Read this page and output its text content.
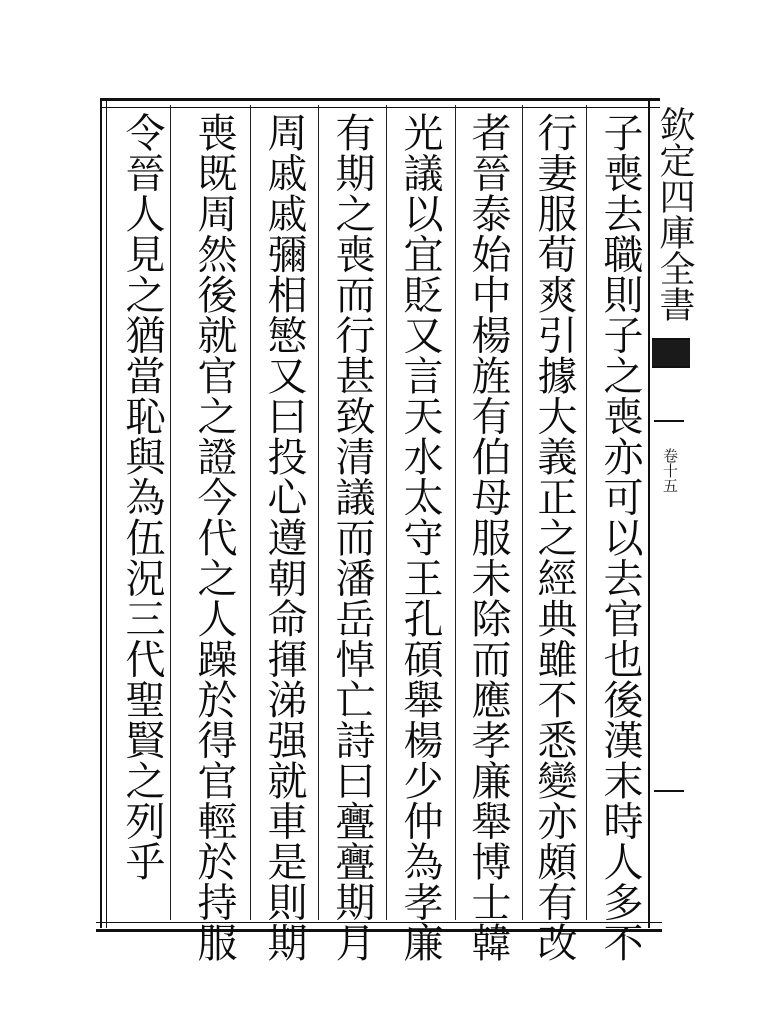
子喪去職則子之喪亦可以去官也後漢末時人多不
行妻服荀爽引據大義正之經典雖不悉變亦頗有改
者晉泰始中楊旌有伯母服未除而應孝廉舉博士韓
光議以宜貶又言天水太守王孔碩舉楊少仲為孝廉
有期之喪而行甚致清議而潘岳悼亡詩曰亹亹期月
周戚戚彌相慜又曰投心遵朝命揮涕强就車是則期
喪既周然後就官之證今代之人躁於得官輕於持服
令晉人見之猶當恥與為伍況三代聖賢之列乎	欽定四庫全書
卷十五
